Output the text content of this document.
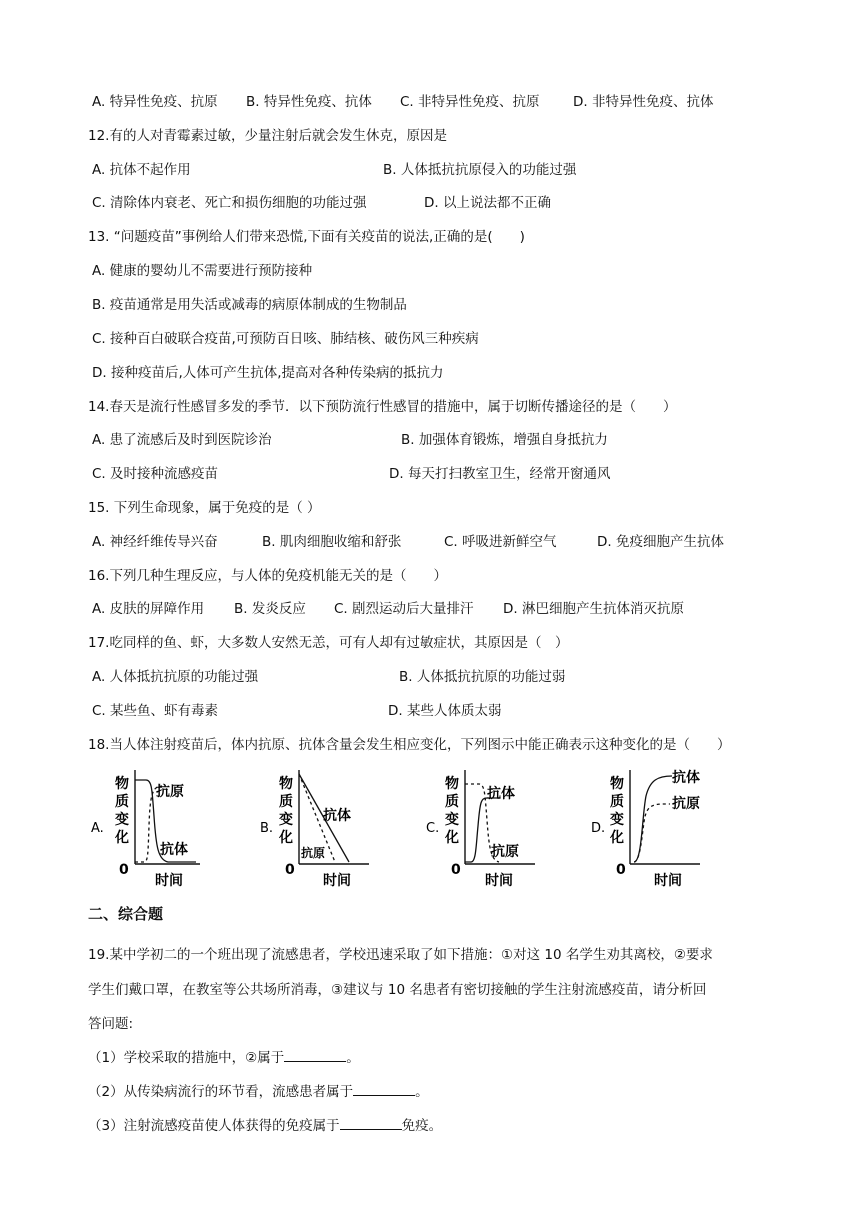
A. 特异性免疫、抗原 B. 特异性免疫、抗体 C. 非特异性免疫、抗原 D. 非特异性免疫、抗体
12.有的人对青霉素过敏，少量注射后就会发生休克，原因是
A. 抗体不起作用	B. 人体抵抗抗原侵入的功能过强
C. 清除体内衰老、死亡和损伤细胞的功能过强	D. 以上说法都不正确
13. “问题疫苗”事例给人们带来恐慌,下面有关疫苗的说法,正确的是(　　)
A. 健康的婴幼儿不需要进行预防接种
B. 疫苗通常是用失活或减毒的病原体制成的生物制品
C. 接种百白破联合疫苗,可预防百日咳、肺结核、破伤风三种疾病
D. 接种疫苗后,人体可产生抗体,提高对各种传染病的抵抗力
14.春天是流行性感冒多发的季节．以下预防流行性感冒的措施中，属于切断传播途径的是（　　）
A. 患了流感后及时到医院诊治	B. 加强体育锻炼，增强自身抵抗力
C. 及时接种流感疫苗	D. 每天打扫教室卫生，经常开窗通风
15. 下列生命现象，属于免疫的是（ ）
A. 神经纤维传导兴奋	B. 肌肉细胞收缩和舒张	C. 呼吸进新鲜空气	D. 免疫细胞产生抗体
16.下列几种生理反应，与人体的免疫机能无关的是（　　）
A. 皮肤的屏障作用 B. 发炎反应 C. 剧烈运动后大量排汗 D. 淋巴细胞产生抗体消灭抗原
17.吃同样的鱼、虾，大多数人安然无恙，可有人却有过敏症状，其原因是（　）
A. 人体抵抗抗原的功能过强	B. 人体抵抗抗原的功能过弱
C. 某些鱼、虾有毒素	D. 某些人体质太弱
18.当人体注射疫苗后，体内抗原、抗体含量会发生相应变化，下列图示中能正确表示这种变化的是（　　）
A.
物
质
变
化
0
时间
抗原
抗体
B.
物
质
变
化
0
时间
抗体
抗原
C.
物
质
变
化
0
时间
抗体
抗原
D.
物
质
变
化
0
时间
抗体
抗原
二、综合题
19.某中学初二的一个班出现了流感患者，学校迅速采取了如下措施：①对这 10 名学生劝其离校，②要求
学生们戴口罩，在教室等公共场所消毒，③建议与 10 名患者有密切接触的学生注射流感疫苗，请分析回
答问题:
（1）学校采取的措施中，②属于	。
（2）从传染病流行的环节看，流感患者属于	。
（3）注射流感疫苗使人体获得的免疫属于	免疫。
